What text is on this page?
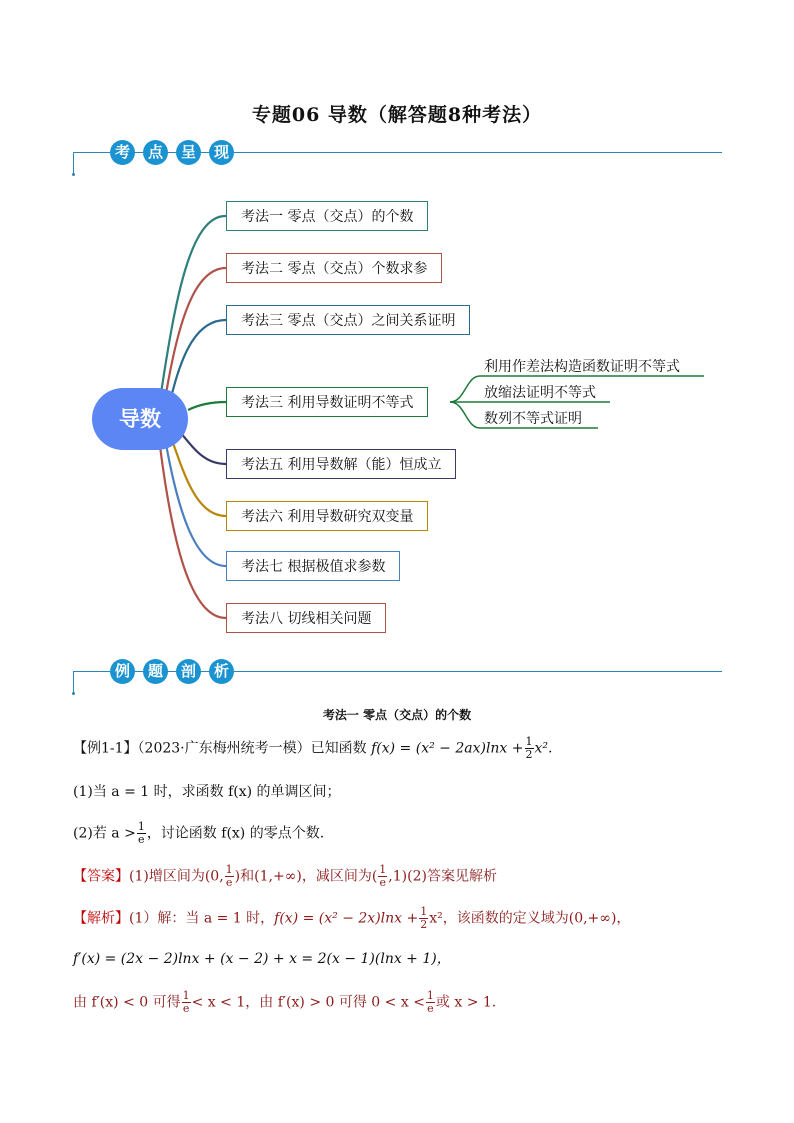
专题06 导数（解答题8种考法）
考	点	呈	现
导数
考法一 零点（交点）的个数
考法二 零点（交点）个数求参
考法三 零点（交点）之间关系证明
考法三 利用导数证明不等式
考法五 利用导数解（能）恒成立
考法六 利用导数研究双变量
考法七 根据极值求参数
考法八 切线相关问题
利用作差法构造函数证明不等式
放缩法证明不等式
数列不等式证明
例	题	剖	析
考法一 零点（交点）的个数
【例1-1】（2023·广东梅州统考一模）已知函数 $f(x) = (x^2 - 2ax)\ln x + \frac{1}{2} x^2$.
(1)当 a = 1 时，求函数 f(x) 的单调区间；
(2)若 $a > \frac{1}{e}$ ，讨论函数 f(x) 的零点个数.
【答案】(1)增区间为(0, $\frac{1}{e}$ )和(1,+∞)，减区间为( $\frac{1}{e} ,1)(2)$答案见解析
【解析】(1）解：当 a = 1 时，$f(x) = (x^2 - 2x)\ln x + \frac{1}{2} x^2$，该函数的定义域为(0,+∞)，
f′(x) = (2x − 2)lnx + (x − 2) + x = 2(x − 1)(lnx + 1)，
由 f′(x) < 0 可得 $\frac{1}{e} < x < 1$，由 f′(x) > 0 可得 $0 < x < \frac{1}{e}$ 或 x > 1.
